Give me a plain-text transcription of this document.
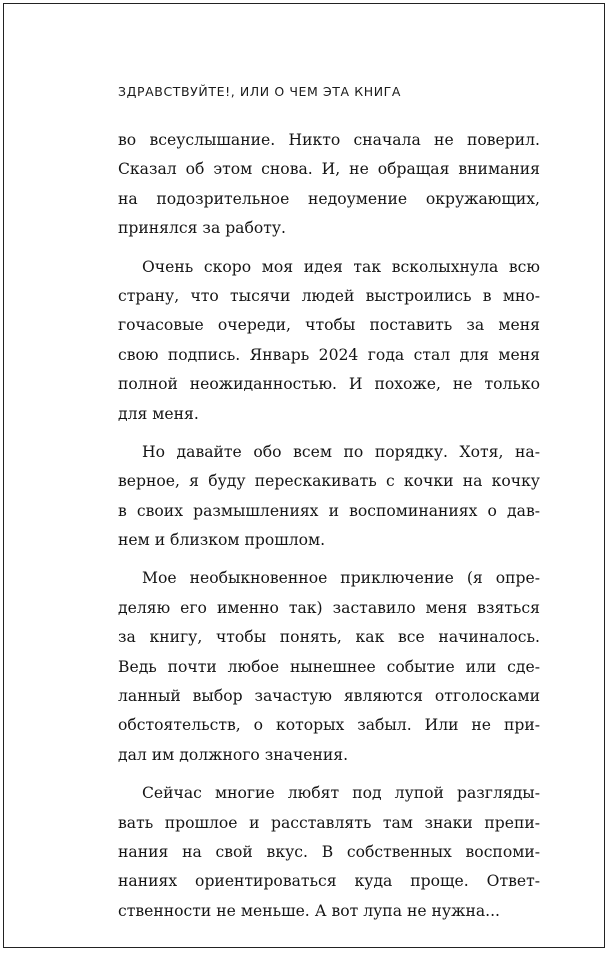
ЗДРАВСТВУЙТЕ!, ИЛИ О ЧЕМ ЭТА КНИГА
во всеуслышание. Никто сначала не поверил.
Сказал об этом снова. И, не обращая внимания
на подозрительное недоумение окружающих,
принялся за работу.
Очень скоро моя идея так всколыхнула всю
страну, что тысячи людей выстроились в мно-
гочасовые очереди, чтобы поставить за меня
свою подпись. Январь 2024 года стал для меня
полной неожиданностью. И похоже, не только
для меня.
Но давайте обо всем по порядку. Хотя, на-
верное, я буду перескакивать с кочки на кочку
в своих размышлениях и воспоминаниях о дав-
нем и близком прошлом.
Мое необыкновенное приключение (я опре-
деляю его именно так) заставило меня взяться
за книгу, чтобы понять, как все начиналось.
Ведь почти любое нынешнее событие или сде-
ланный выбор зачастую являются отголосками
обстоятельств, о которых забыл. Или не при-
дал им должного значения.
Сейчас многие любят под лупой разгляды-
вать прошлое и расставлять там знаки препи-
нания на свой вкус. В собственных воспоми-
наниях ориентироваться куда проще. Ответ-
ственности не меньше. А вот лупа не нужна...
